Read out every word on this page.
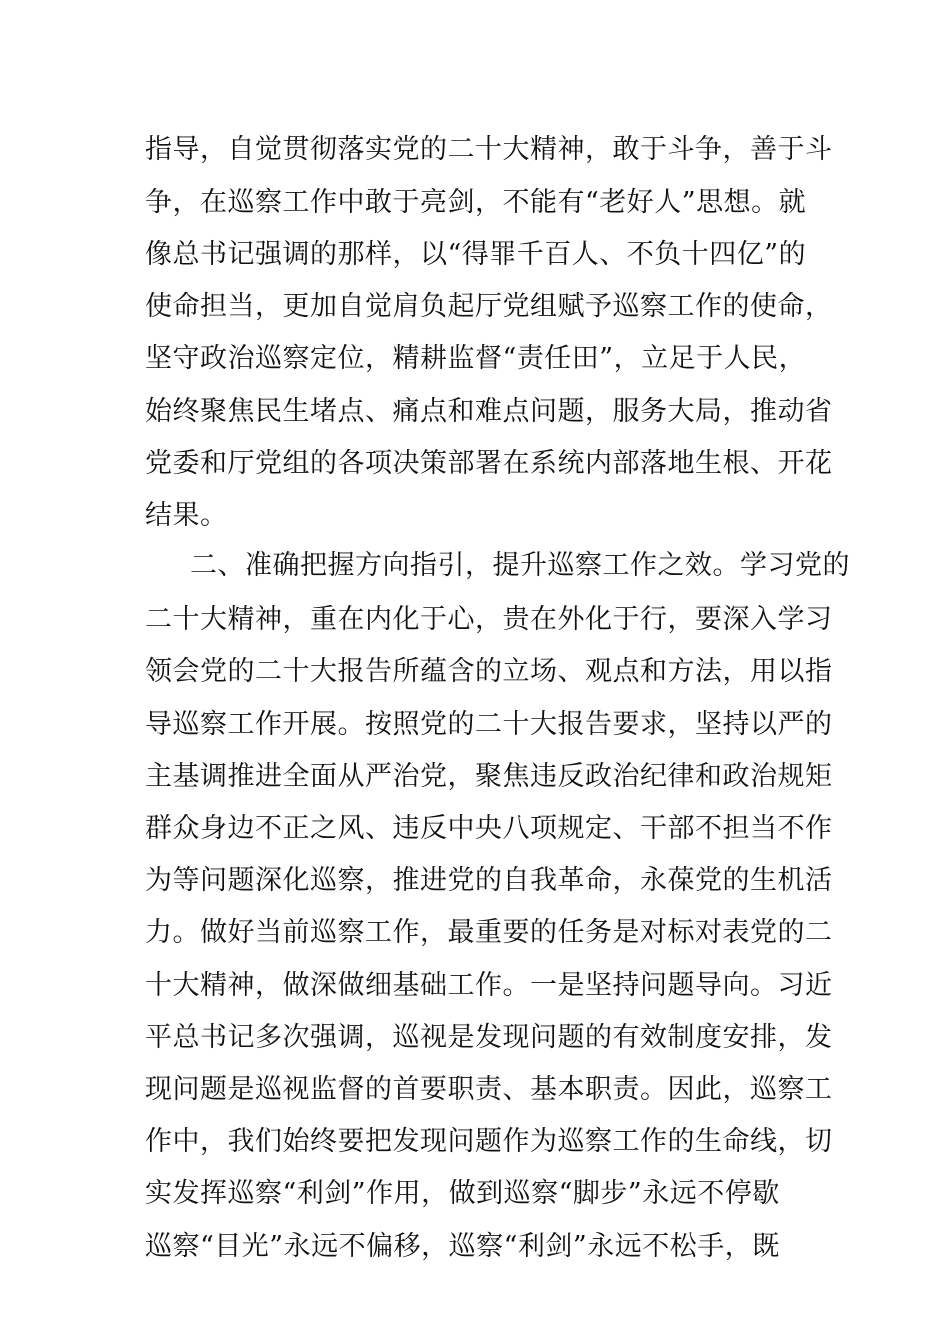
指导，自觉贯彻落实党的二十大精神，敢于斗争，善于斗
争，在巡察工作中敢于亮剑，不能有“老好人”思想。就
像总书记强调的那样，以“得罪千百人、不负十四亿”的
使命担当，更加自觉肩负起厅党组赋予巡察工作的使命，
坚守政治巡察定位，精耕监督“责任田”，立足于人民，
始终聚焦民生堵点、痛点和难点问题，服务大局，推动省
党委和厅党组的各项决策部署在系统内部落地生根、开花
结果。
二、准确把握方向指引，提升巡察工作之效。学习党的
二十大精神，重在内化于心，贵在外化于行，要深入学习
领会党的二十大报告所蕴含的立场、观点和方法，用以指
导巡察工作开展。按照党的二十大报告要求，坚持以严的
主基调推进全面从严治党，聚焦违反政治纪律和政治规矩
群众身边不正之风、违反中央八项规定、干部不担当不作
为等问题深化巡察，推进党的自我革命，永葆党的生机活
力。做好当前巡察工作，最重要的任务是对标对表党的二
十大精神，做深做细基础工作。一是坚持问题导向。习近
平总书记多次强调，巡视是发现问题的有效制度安排，发
现问题是巡视监督的首要职责、基本职责。因此，巡察工
作中，我们始终要把发现问题作为巡察工作的生命线，切
实发挥巡察“利剑”作用，做到巡察“脚步”永远不停歇
巡察“目光”永远不偏移，巡察“利剑”永远不松手，既
